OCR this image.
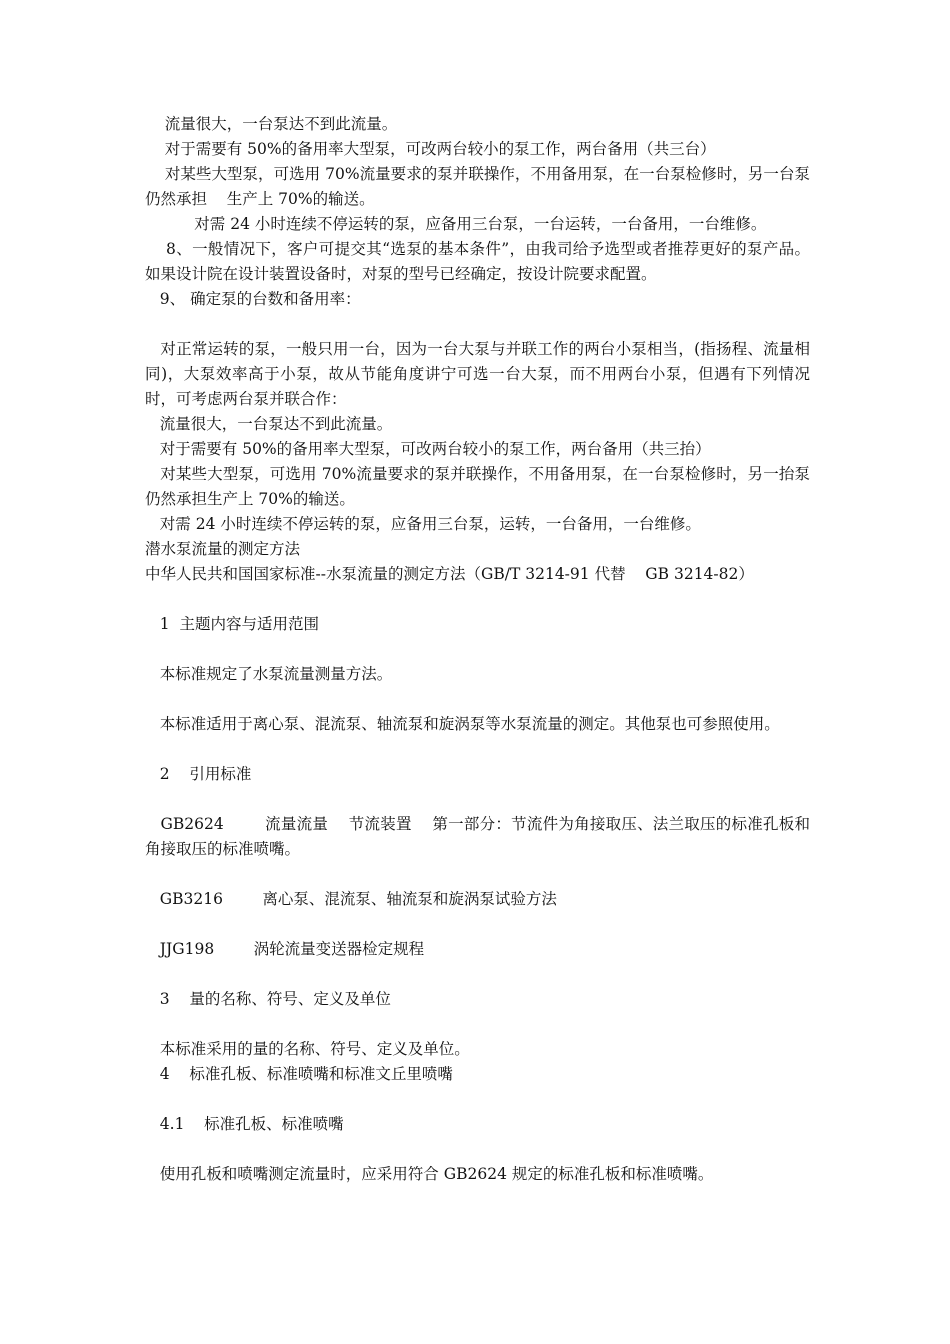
流量很大，一台泵达不到此流量。

对于需要有 50%的备用率大型泵，可改两台较小的泵工作，两台备用（共三台）

对某些大型泵，可选用 70%流量要求的泵并联操作，不用备用泵，在一台泵检修时，另一台泵仍然承担    生产上 70%的输送。

对需 24 小时连续不停运转的泵，应备用三台泵，一台运转，一台备用，一台维修。

8、一般情况下，客户可提交其“选泵的基本条件”，由我司给予选型或者推荐更好的泵产品。如果设计院在设计装置设备时，对泵的型号已经确定，按设计院要求配置。

9、 确定泵的台数和备用率：

对正常运转的泵，一般只用一台，因为一台大泵与并联工作的两台小泵相当，(指扬程、流量相同)，大泵效率高于小泵，故从节能角度讲宁可选一台大泵，而不用两台小泵，但遇有下列情况时，可考虑两台泵并联合作：

流量很大，一台泵达不到此流量。

对于需要有 50%的备用率大型泵，可改两台较小的泵工作，两台备用（共三抬）

对某些大型泵，可选用 70%流量要求的泵并联操作，不用备用泵，在一台泵检修时，另一抬泵仍然承担生产上 70%的输送。

对需 24 小时连续不停运转的泵，应备用三台泵，运转，一台备用，一台维修。

潜水泵流量的测定方法

中华人民共和国国家标准--水泵流量的测定方法（GB/T 3214-91 代替    GB 3214-82）

1  主题内容与适用范围

本标准规定了水泵流量测量方法。

本标准适用于离心泵、混流泵、轴流泵和旋涡泵等水泵流量的测定。其他泵也可参照使用。

2    引用标准

GB2624        流量流量    节流装置    第一部分：节流件为角接取压、法兰取压的标准孔板和角接取压的标准喷嘴。

GB3216        离心泵、混流泵、轴流泵和旋涡泵试验方法

JJG198        涡轮流量变送器检定规程

3    量的名称、符号、定义及单位

本标准采用的量的名称、符号、定义及单位。

4    标准孔板、标准喷嘴和标准文丘里喷嘴

4.1    标准孔板、标准喷嘴

使用孔板和喷嘴测定流量时，应采用符合 GB2624 规定的标准孔板和标准喷嘴。
